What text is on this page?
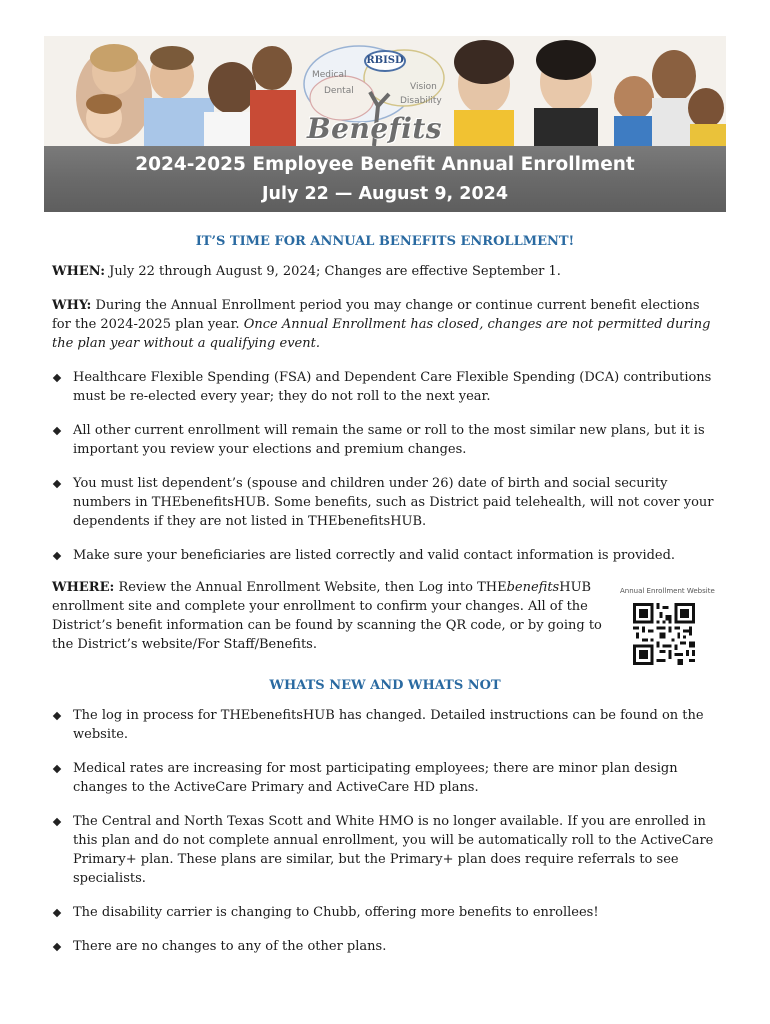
RBISD
Medical
Dental	Vision
Disability
Benefits
2024-2025 Employee Benefit Annual Enrollment
July 22 — August 9, 2024
IT’S TIME FOR ANNUAL BENEFITS ENROLLMENT!
WHEN: July 22 through August 9, 2024; Changes are effective September 1.
WHY: During the Annual Enrollment period you may change or continue current benefit elections for the 2024-2025 plan year. Once Annual Enrollment has closed, changes are not permitted during the plan year without a qualifying event.
Healthcare Flexible Spending (FSA) and Dependent Care Flexible Spending (DCA) contributions must be re-elected every year; they do not roll to the next year.
All other current enrollment will remain the same or roll to the most similar new plans, but it is important you review your elections and premium changes.
You must list dependent’s (spouse and children under 26) date of birth and social security numbers in THEbenefitsHUB. Some benefits, such as District paid telehealth, will not cover your dependents if they are not listed in THEbenefitsHUB.
Make sure your beneficiaries are listed correctly and valid contact information is provided.
WHERE: Review the Annual Enrollment Website, then Log into THEbenefitsHUB enrollment site and complete your enrollment to confirm your changes. All of the District’s benefit information can be found by scanning the QR code, or by going to the District’s website/For Staff/Benefits.
Annual Enrollment Website
WHATS NEW AND WHATS NOT
The log in process for THEbenefitsHUB has changed. Detailed instructions can be found on the website.
Medical rates are increasing for most participating employees; there are minor plan design changes to the ActiveCare Primary and ActiveCare HD plans.
The Central and North Texas Scott and White HMO is no longer available. If you are enrolled in this plan and do not complete annual enrollment, you will be automatically roll to the ActiveCare Primary+ plan. These plans are similar, but the Primary+ plan does require referrals to see specialists.
The disability carrier is changing to Chubb, offering more benefits to enrollees!
There are no changes to any of the other plans.
